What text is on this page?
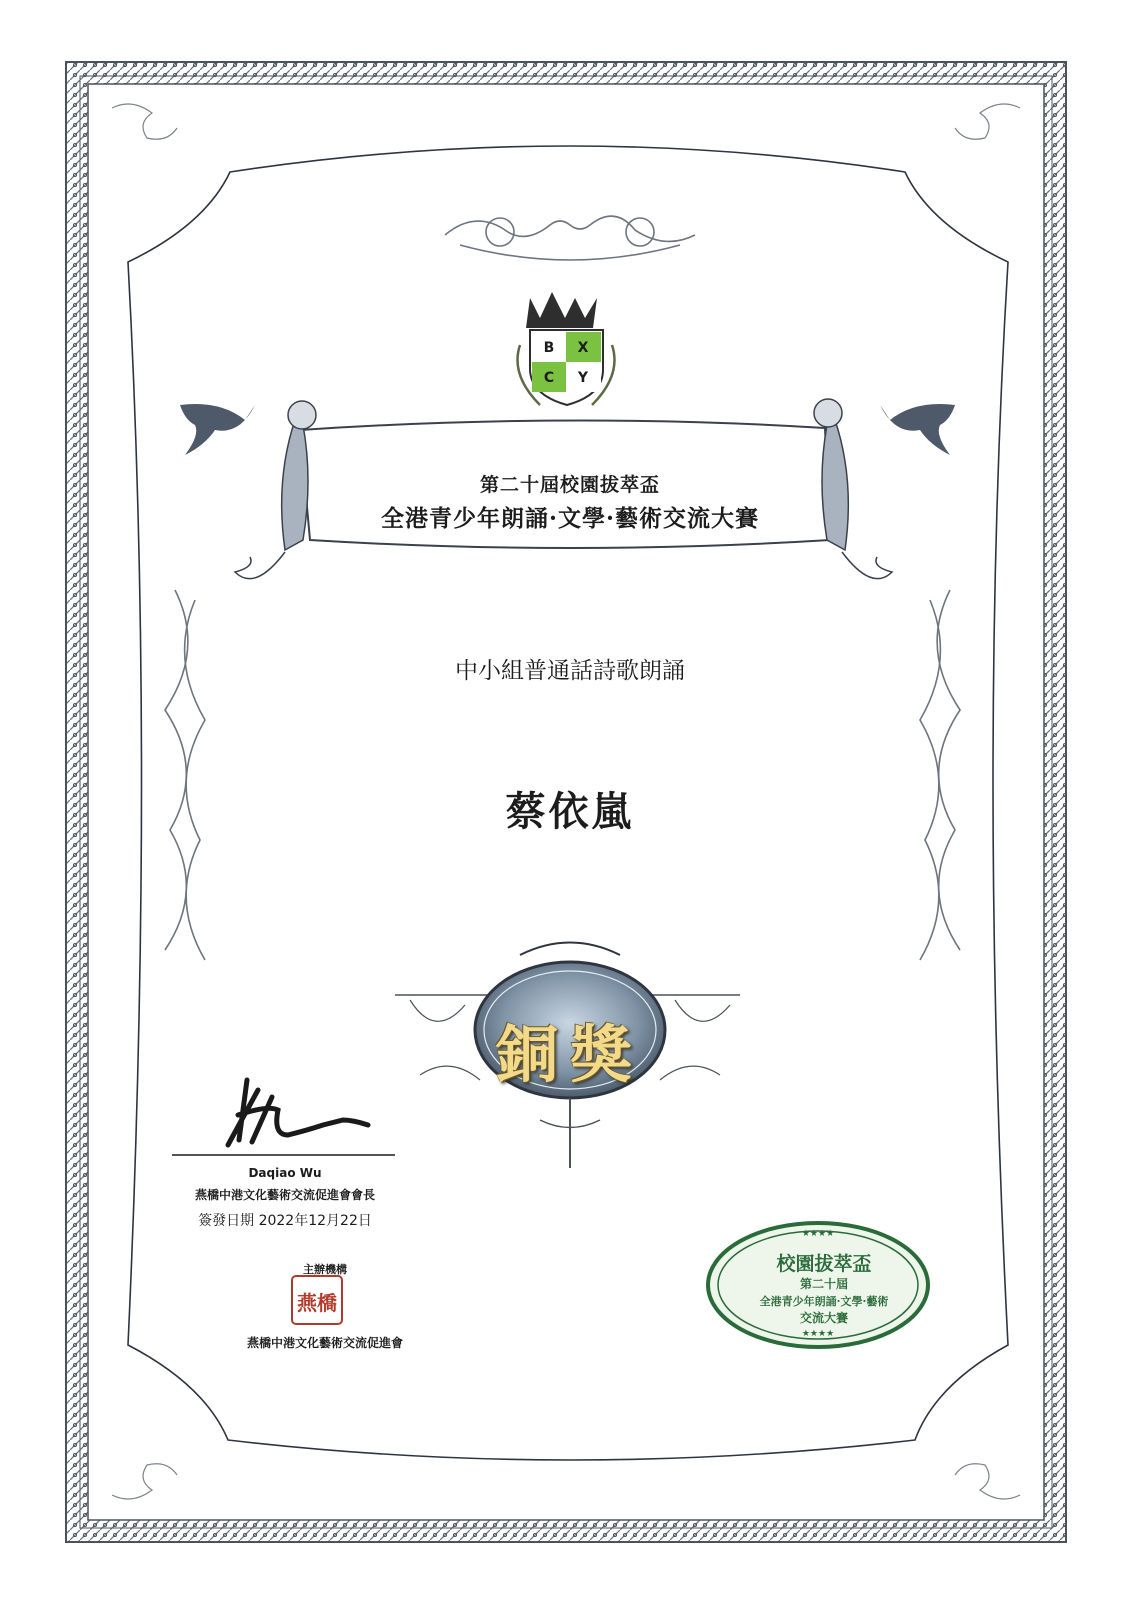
B X
C Y
燕橋
★★★★
★★★★
第二十屆校園拔萃盃
全港青少年朗誦·文學·藝術交流大賽
中小組普通話詩歌朗誦
蔡依嵐
銅獎
Daqiao Wu
燕橋中港文化藝術交流促進會會長
簽發日期 2022年12月22日
主辦機構
燕橋中港文化藝術交流促進會
校園拔萃盃
第二十屆
全港青少年朗誦·文學·藝術
交流大賽
